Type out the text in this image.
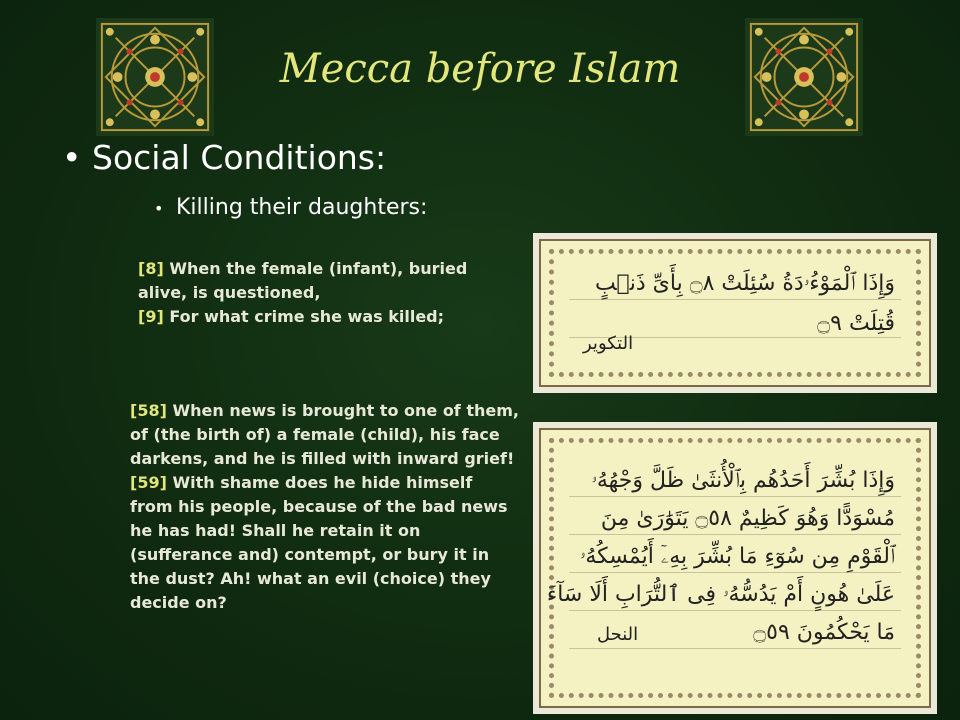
Mecca before Islam
• Social Conditions:
• Killing their daughters:
[8] When the female (infant), buried alive, is questioned,
[9] For what crime she was killed;
[58] When news is brought to one of them, of (the birth of) a female (child), his face darkens, and he is filled with inward grief!
[59] With shame does he hide himself from his people, because of the bad news he has had! Shall he retain it on (sufferance and) contempt, or bury it in the dust? Ah! what an evil (choice) they decide on?
وَإِذَا ٱلْمَوْءُۥدَةُ سُئِلَتْ ۝٨ بِأَىِّ ذَنۢبٍ
قُتِلَتْ ۝٩
التكوير
وَإِذَا بُشِّرَ أَحَدُهُم بِٱلْأُنثَىٰ ظَلَّ وَجْهُهُۥ
مُسْوَدًّا وَهُوَ كَظِيمٌ ۝٥٨ يَتَوَٰرَىٰ مِنَ
ٱلْقَوْمِ مِن سُوٓءِ مَا بُشِّرَ بِهِۦٓ أَيُمْسِكُهُۥ
عَلَىٰ هُونٍ أَمْ يَدُسُّهُۥ فِى ٱلتُّرَابِ أَلَا سَآءَ
مَا يَحْكُمُونَ ۝٥٩
النحل
